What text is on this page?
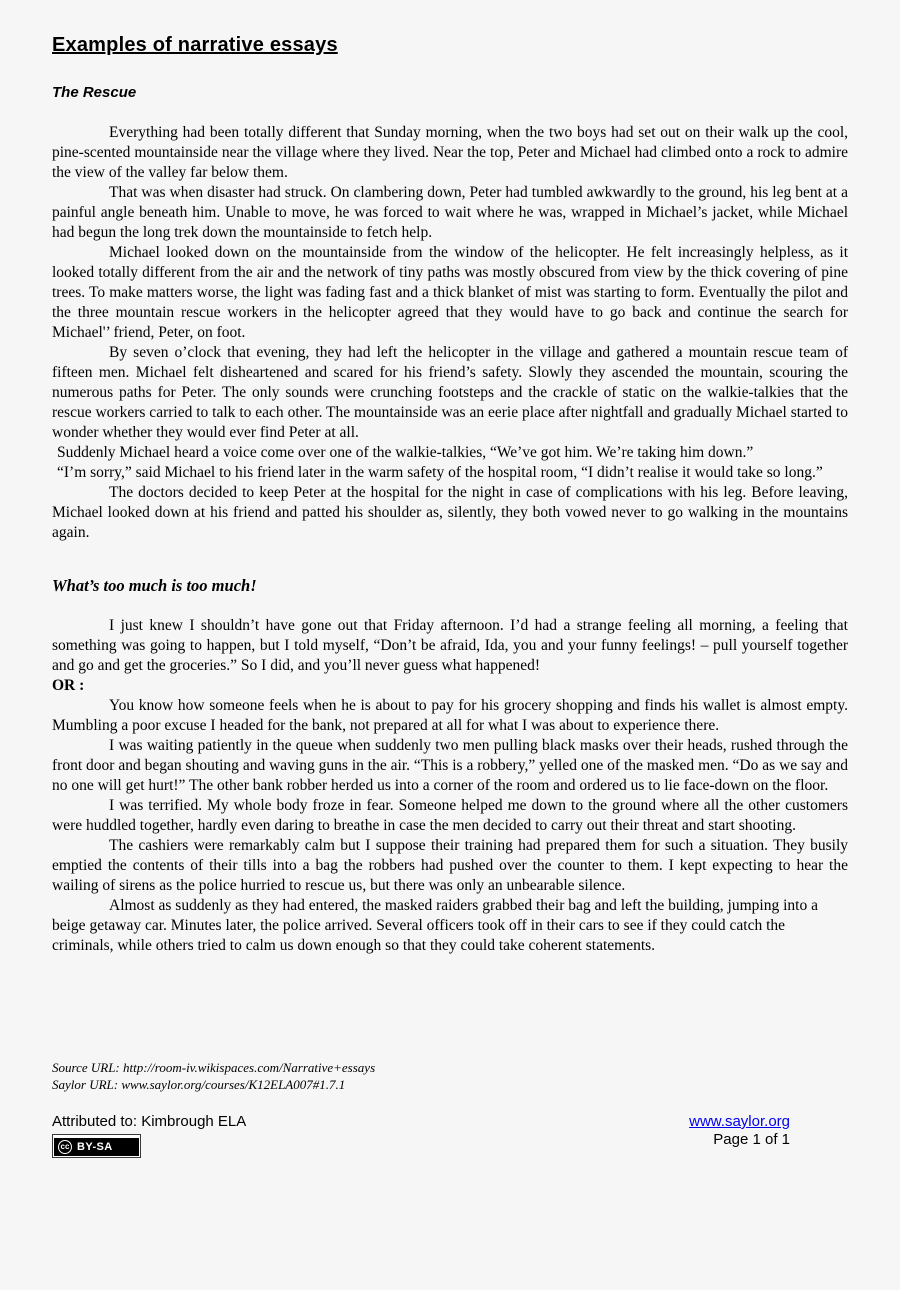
Examples of narrative essays
The Rescue

Everything had been totally different that Sunday morning, when the two boys had set out on their walk up the cool, pine-scented mountainside near the village where they lived. Near the top, Peter and Michael had climbed onto a rock to admire the view of the valley far below them.

That was when disaster had struck. On clambering down, Peter had tumbled awkwardly to the ground, his leg bent at a painful angle beneath him. Unable to move, he was forced to wait where he was, wrapped in Michael’s jacket, while Michael had begun the long trek down the mountainside to fetch help.

Michael looked down on the mountainside from the window of the helicopter. He felt increasingly helpless, as it looked totally different from the air and the network of tiny paths was mostly obscured from view by the thick covering of pine trees. To make matters worse, the light was fading fast and a thick blanket of mist was starting to form. Eventually the pilot and the three mountain rescue workers in the helicopter agreed that they would have to go back and continue the search for Michael'’ friend, Peter, on foot.

By seven o’clock that evening, they had left the helicopter in the village and gathered a mountain rescue team of fifteen men. Michael felt disheartened and scared for his friend’s safety. Slowly they ascended the mountain, scouring the numerous paths for Peter. The only sounds were crunching footsteps and the crackle of static on the walkie-talkies that the rescue workers carried to talk to each other. The mountainside was an eerie place after nightfall and gradually Michael started to wonder whether they would ever find Peter at all.

Suddenly Michael heard a voice come over one of the walkie-talkies, “We’ve got him. We’re taking him down.”

“I’m sorry,” said Michael to his friend later in the warm safety of the hospital room, “I didn’t realise it would take so long.”

The doctors decided to keep Peter at the hospital for the night in case of complications with his leg. Before leaving, Michael looked down at his friend and patted his shoulder as, silently, they both vowed never to go walking in the mountains again.

What’s too much is too much!

I just knew I shouldn’t have gone out that Friday afternoon. I’d had a strange feeling all morning, a feeling that something was going to happen, but I told myself, “Don’t be afraid, Ida, you and your funny feelings! – pull yourself together and go and get the groceries.” So I did, and you’ll never guess what happened!

OR :

You know how someone feels when he is about to pay for his grocery shopping and finds his wallet is almost empty. Mumbling a poor excuse I headed for the bank, not prepared at all for what I was about to experience there.

I was waiting patiently in the queue when suddenly two men pulling black masks over their heads, rushed through the front door and began shouting and waving guns in the air. “This is a robbery,” yelled one of the masked men. “Do as we say and no one will get hurt!” The other bank robber herded us into a corner of the room and ordered us to lie face-down on the floor.

I was terrified. My whole body froze in fear. Someone helped me down to the ground where all the other customers were huddled together, hardly even daring to breathe in case the men decided to carry out their threat and start shooting.

The cashiers were remarkably calm but I suppose their training had prepared them for such a situation. They busily emptied the contents of their tills into a bag the robbers had pushed over the counter to them. I kept expecting to hear the wailing of sirens as the police hurried to rescue us, but there was only an unbearable silence.

Almost as suddenly as they had entered, the masked raiders grabbed their bag and left the building, jumping into a beige getaway car. Minutes later, the police arrived. Several officers took off in their cars to see if they could catch the criminals, while others tried to calm us down enough so that they could take coherent statements.

Source URL: http://room-iv.wikispaces.com/Narrative+essays
Saylor URL: www.saylor.org/courses/K12ELA007#1.7.1
Attributed to: Kimbrough ELA
cc BY-SA
www.saylor.org
Page 1 of 1
